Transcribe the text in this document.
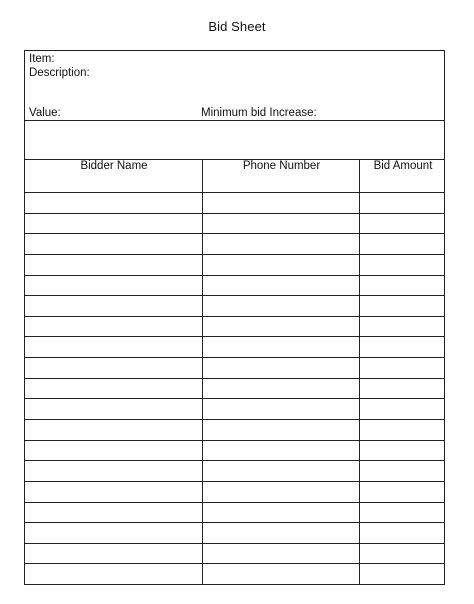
Bid Sheet
Item:
Description:
Value:	Minimum bid Increase:
Bidder Name	Phone Number	Bid Amount
